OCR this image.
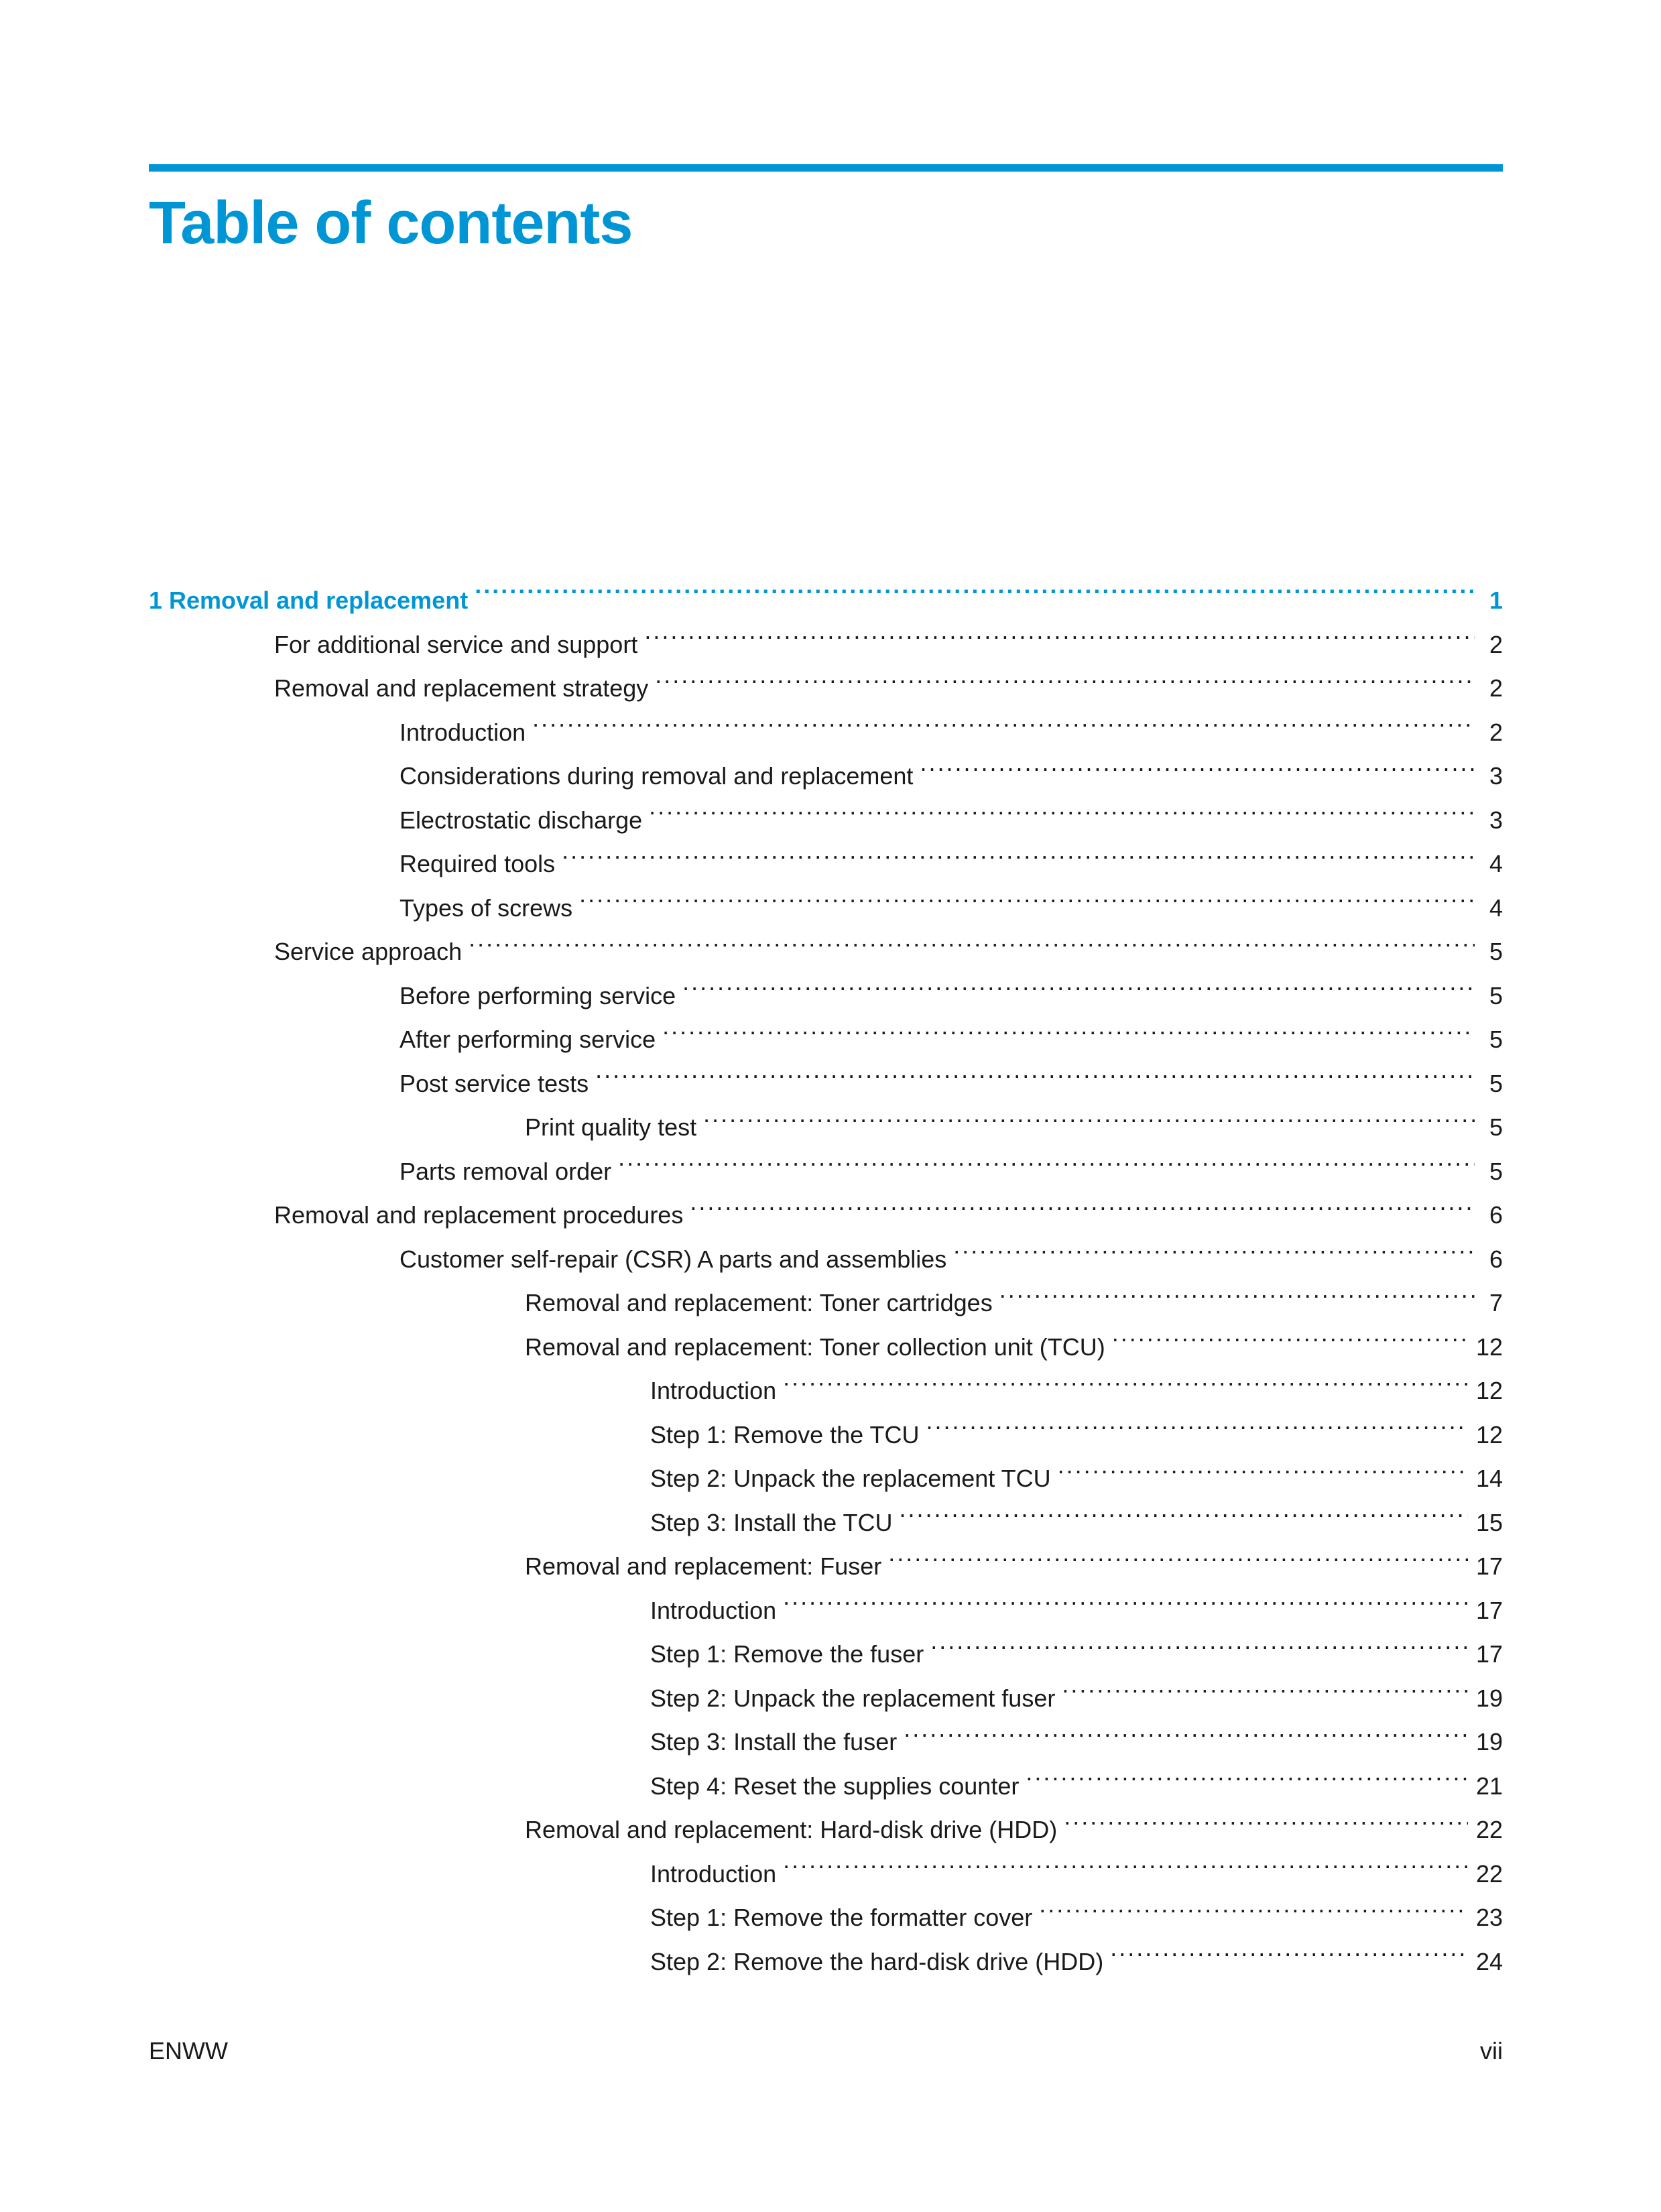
Table of contents
1 Removal and replacement .....	1
For additional service and support .....	2
Removal and replacement strategy .....	2
Introduction .....	2
Considerations during removal and replacement .....	3
Electrostatic discharge .....	3
Required tools .....	4
Types of screws .....	4
Service approach .....	5
Before performing service .....	5
After performing service .....	5
Post service tests .....	5
Print quality test .....	5
Parts removal order .....	5
Removal and replacement procedures .....	6
Customer self-repair (CSR) A parts and assemblies .....	6
Removal and replacement: Toner cartridges .....	7
Removal and replacement: Toner collection unit (TCU) .....	12
Introduction .....	12
Step 1: Remove the TCU .....	12
Step 2: Unpack the replacement TCU .....	14
Step 3: Install the TCU .....	15
Removal and replacement: Fuser .....	17
Introduction .....	17
Step 1: Remove the fuser .....	17
Step 2: Unpack the replacement fuser .....	19
Step 3: Install the fuser .....	19
Step 4: Reset the supplies counter .....	21
Removal and replacement: Hard-disk drive (HDD) .....	22
Introduction .....	22
Step 1: Remove the formatter cover .....	23
Step 2: Remove the hard-disk drive (HDD) .....	24
ENWW	vii
